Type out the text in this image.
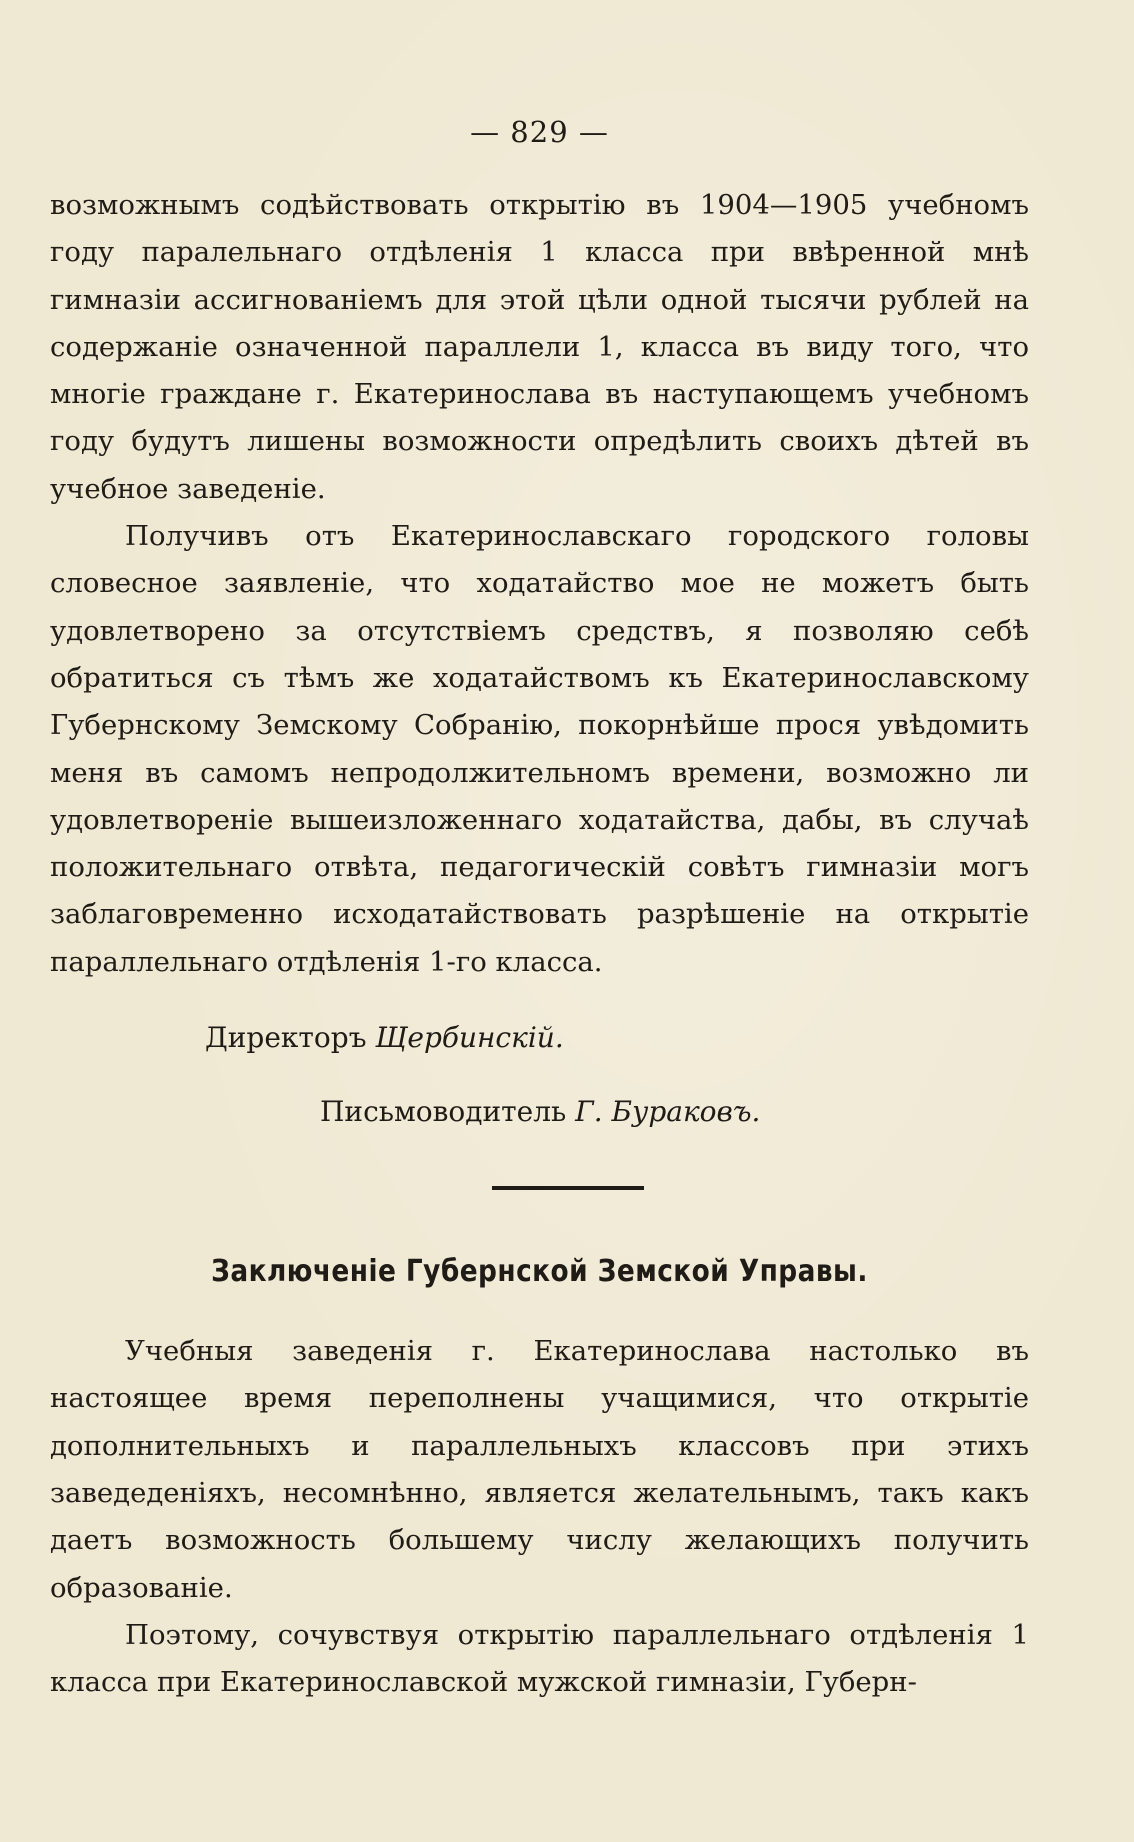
— 829 —

возможнымъ содѣйствовать открытію въ 1904—1905 учебномъ году паралельнаго отдѣленія 1 класса при ввѣренной мнѣ гимназіи ассигнованіемъ для этой цѣли одной тысячи рублей на содержаніе означенной параллели 1, класса въ виду того, что многіе граждане г. Екатеринослава въ наступающемъ учебномъ году будутъ лишены возможности опредѣлить своихъ дѣтей въ учебное заведеніе.

Получивъ отъ Екатеринославскаго городского головы словесное заявленіе, что ходатайство мое не можетъ быть удовлетворено за отсутствіемъ средствъ, я позволяю себѣ обратиться съ тѣмъ же ходатайствомъ къ Екатеринославскому Губернскому Земскому Собранію, покорнѣйше прося увѣдомить меня въ самомъ непродолжительномъ времени, возможно ли удовлетвореніе вышеизложеннаго ходатайства, дабы, въ случаѣ положительнаго отвѣта, педагогическій совѣтъ гимназіи могъ заблаговременно исходатайствовать разрѣшеніе на открытіе параллельнаго отдѣленія 1-го класса.

Директоръ Щербинскій.

Письмоводитель Г. Бураковъ.

Заключеніе Губернской Земской Управы.

Учебныя заведенія г. Екатеринослава настолько въ настоящее время переполнены учащимися, что открытіе дополнительныхъ и параллельныхъ классовъ при этихъ заведеденіяхъ, несомнѣнно, является желательнымъ, такъ какъ даетъ возможность большему числу желающихъ получить образованіе.

Поэтому, сочувствуя открытію параллельнаго отдѣленія 1 класса при Екатеринославской мужской гимназіи, Губерн-
